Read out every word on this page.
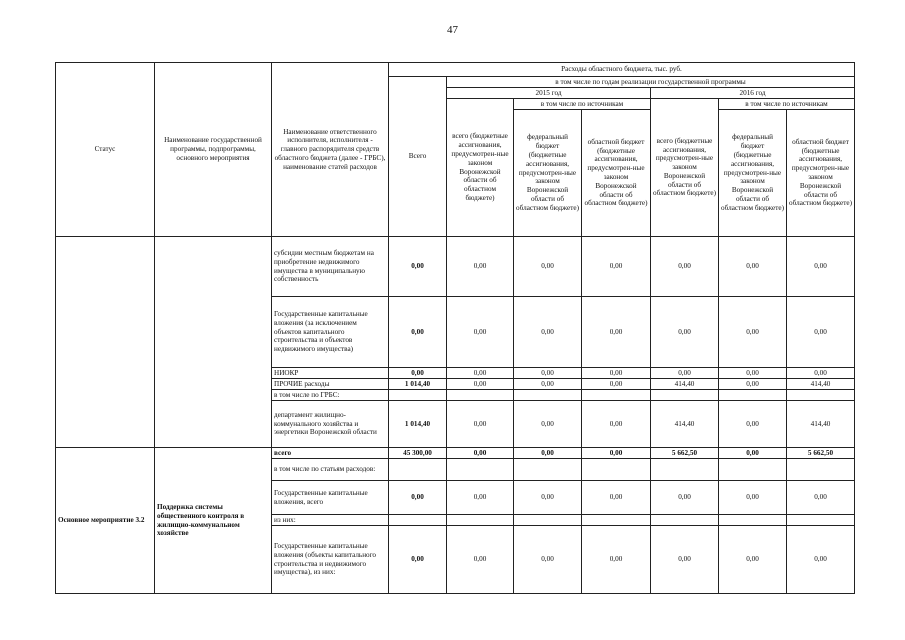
47
Статус	Наименование государственной программы, подпрограммы, основного мероприятия	Наименование ответственного исполнителя, исполнителя - главного распорядителя средств областного бюджета (далее - ГРБС), наименование статей расходов	Расходы областного бюджета, тыс. руб.						
			Всего	в том числе по годам реализации государственной программы					
				2015 год			2016 год		
				всего (бюджетные ассигнования, предусмотрен-ные законом Воронежской области об областном бюджете)	в том числе по источникам		всего (бюджетные ассигнования, предусмотрен-ные законом Воронежской области об областном бюджете)	в том числе по источникам	
					федеральный бюджет (бюджетные ассигнования, предусмотрен-ные законом Воронежской области об областном бюджете)	областной бюджет (бюджетные ассигнования, предусмотрен-ные законом Воронежской области об областном бюджете)		федеральный бюджет (бюджетные ассигнования, предусмотрен-ные законом Воронежской области об областном бюджете)	областной бюджет (бюджетные ассигнования, предусмотрен-ные законом Воронежской области об областном бюджете)
		субсидии местным бюджетам на приобретение недвижимого имущества в муниципальную собственность	0,00	0,00	0,00	0,00	0,00	0,00	0,00
		Государственные капитальные вложения (за исключением объектов капитального строительства и объектов недвижимого имущества)	0,00	0,00	0,00	0,00	0,00	0,00	0,00
		НИОКР	0,00	0,00	0,00	0,00	0,00	0,00	0,00
		ПРОЧИЕ расходы	1 014,40	0,00	0,00	0,00	414,40	0,00	414,40
		в том числе по ГРБС:							
		департамент жилищно-коммунального хозяйства и энергетики Воронежской области	1 014,40	0,00	0,00	0,00	414,40	0,00	414,40
Основное мероприятие 3.2	Поддержка системы общественного контроля в жилищно-коммунальном хозяйстве	всего	45 300,00	0,00	0,00	0,00	5 662,50	0,00	5 662,50
		в том числе по статьям расходов:							
		Государственные капитальные вложения, всего	0,00	0,00	0,00	0,00	0,00	0,00	0,00
		из них:							
		Государственные капитальные вложения (объекты капитального строительства и недвижимого имущества), из них:	0,00	0,00	0,00	0,00	0,00	0,00	0,00
